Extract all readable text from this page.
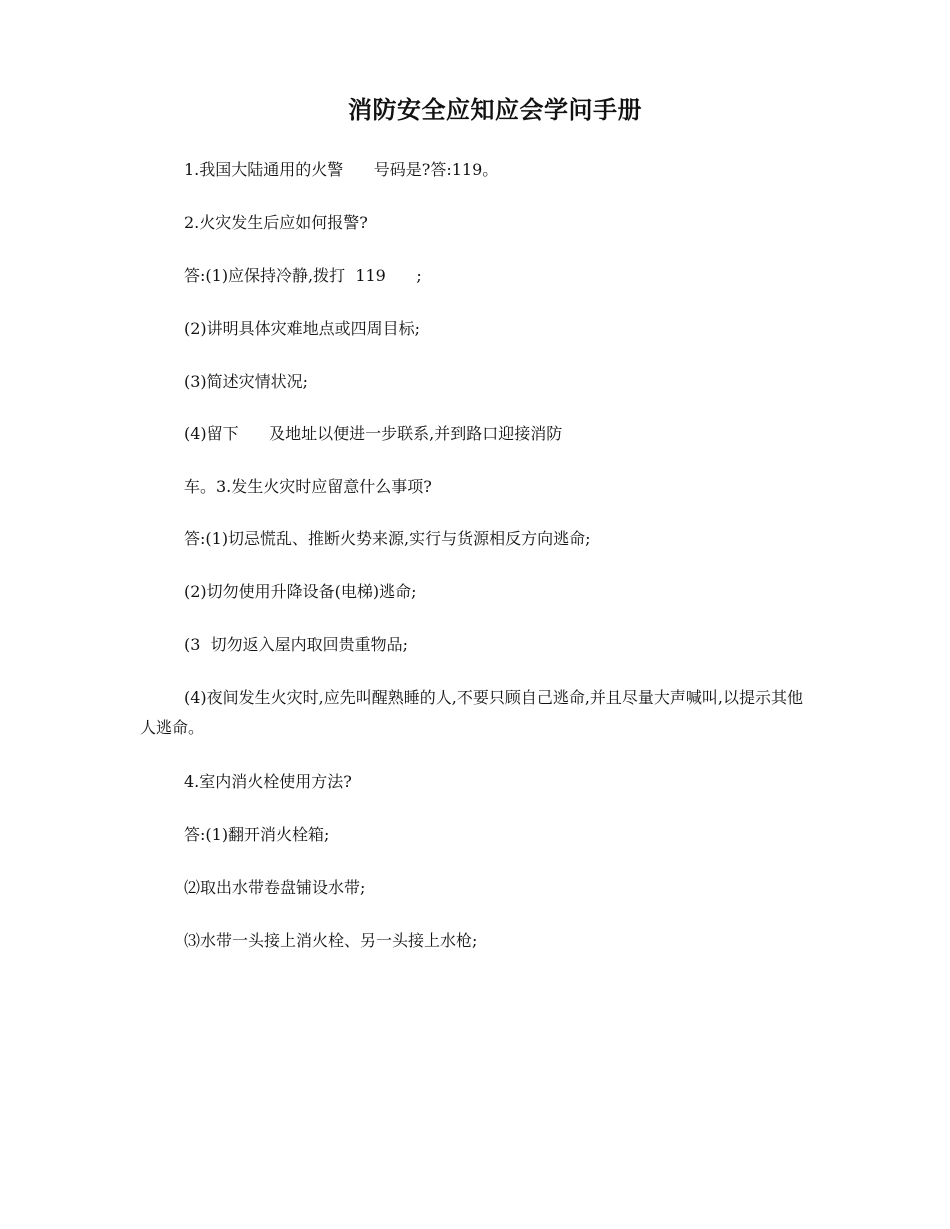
消防安全应知应会学问手册

1.我国大陆通用的火警      号码是?答:119。

2.火灾发生后应如何报警?

答:(1)应保持冷静,拨打  119      ;

(2)讲明具体灾难地点或四周目标;

(3)简述灾情状况;

(4)留下      及地址以便进一步联系,并到路口迎接消防

车。3.发生火灾时应留意什么事项?

答:(1)切忌慌乱、推断火势来源,实行与货源相反方向逃命;

(2)切勿使用升降设备(电梯)逃命;

(3  切勿返入屋内取回贵重物品;

(4)夜间发生火灾时,应先叫醒熟睡的人,不要只顾自己逃命,并且尽量大声喊叫,以提示其他人逃命。

4.室内消火栓使用方法?

答:(1)翻开消火栓箱;

⑵取出水带卷盘铺设水带;

⑶水带一头接上消火栓、另一头接上水枪;
